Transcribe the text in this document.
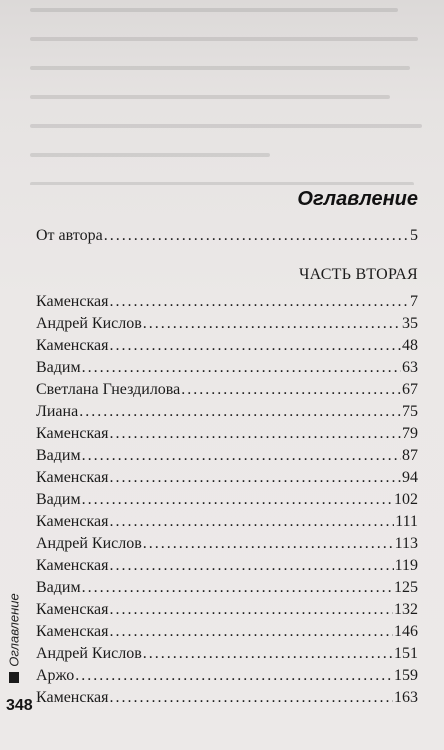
Оглавление
От автора . . .	5
ЧАСТЬ ВТОРАЯ
Каменская . . .	7
Андрей Кислов . . .	35
Каменская . . .	48
Вадим . . .	63
Светлана Гнездилова . . .	67
Лиана . . .	75
Каменская . . .	79
Вадим . . .	87
Каменская . . .	94
Вадим . . .	102
Каменская . . .	111
Андрей Кислов . . .	113
Каменская . . .	119
Вадим . . .	125
Каменская . . .	132
Каменская . . .	146
Андрей Кислов . . .	151
Аржо . . .	159
Каменская . . .	163
Оглавление
348
